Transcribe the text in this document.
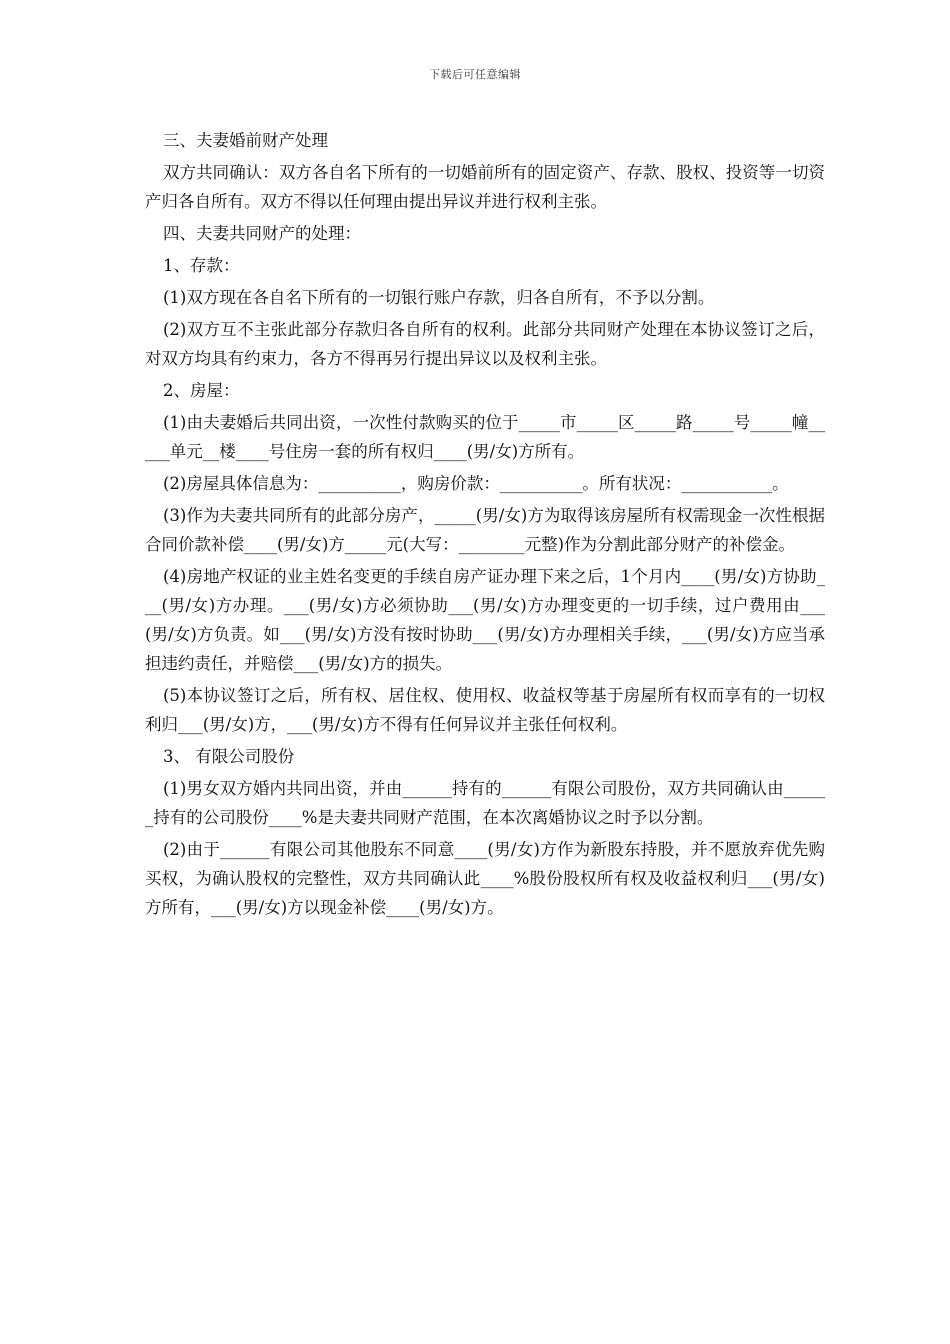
下载后可任意编辑

三、夫妻婚前财产处理

双方共同确认：双方各自名下所有的一切婚前所有的固定资产、存款、股权、投资等一切资产归各自所有。双方不得以任何理由提出异议并进行权利主张。

四、夫妻共同财产的处理：

1、存款：

(1)双方现在各自名下所有的一切银行账户存款，归各自所有，不予以分割。

(2)双方互不主张此部分存款归各自所有的权利。此部分共同财产处理在本协议签订之后，对双方均具有约束力，各方不得再另行提出异议以及权利主张。

2、房屋：

(1)由夫妻婚后共同出资，一次性付款购买的位于_____市_____区_____路_____号_____幢_____单元__楼____号住房一套的所有权归____(男/女)方所有。

(2)房屋具体信息为：__________，购房价款：__________。所有状况：___________。

(3)作为夫妻共同所有的此部分房产，_____(男/女)方为取得该房屋所有权需现金一次性根据合同价款补偿____(男/女)方_____元(大写：________元整)作为分割此部分财产的补偿金。

(4)房地产权证的业主姓名变更的手续自房产证办理下来之后，1个月内____(男/女)方协助___(男/女)方办理。___(男/女)方必须协助___(男/女)方办理变更的一切手续，过户费用由___(男/女)方负责。如___(男/女)方没有按时协助___(男/女)方办理相关手续，___(男/女)方应当承担违约责任，并赔偿___(男/女)方的损失。

(5)本协议签订之后，所有权、居住权、使用权、收益权等基于房屋所有权而享有的一切权利归___(男/女)方，___(男/女)方不得有任何异议并主张任何权利。

3、 有限公司股份

(1)男女双方婚内共同出资，并由______持有的______有限公司股份，双方共同确认由______持有的公司股份____%是夫妻共同财产范围，在本次离婚协议之时予以分割。

(2)由于______有限公司其他股东不同意____(男/女)方作为新股东持股，并不愿放弃优先购买权，为确认股权的完整性，双方共同确认此____%股份股权所有权及收益权利归___(男/女)方所有，___(男/女)方以现金补偿____(男/女)方。
